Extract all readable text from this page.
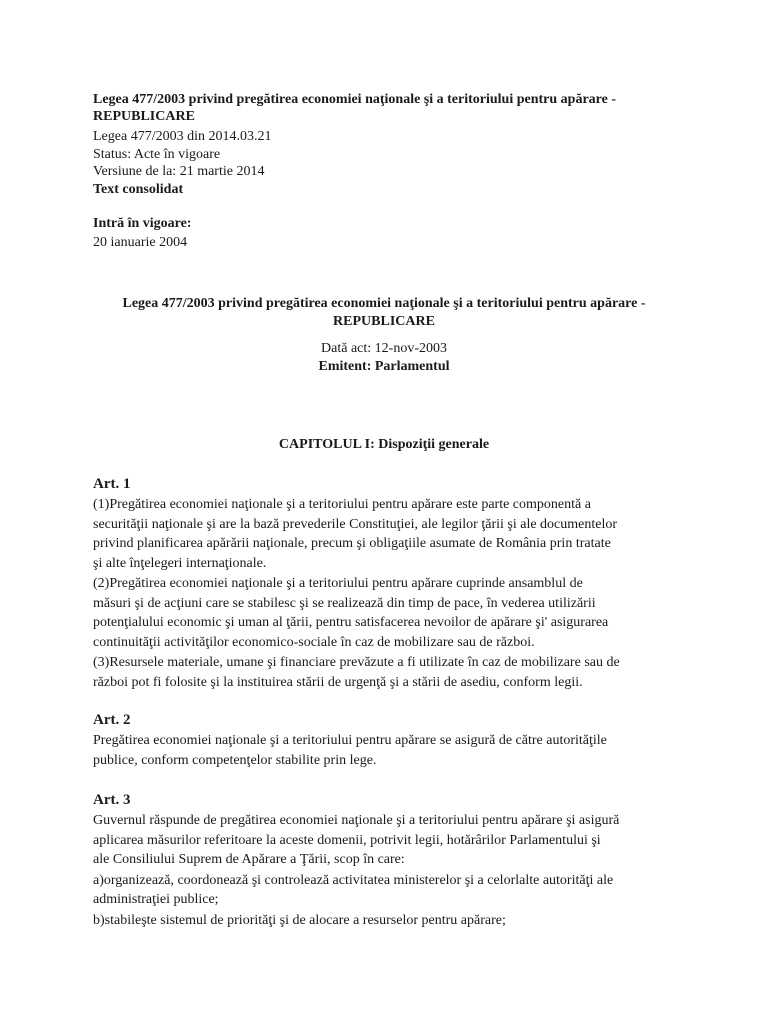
Legea 477/2003 privind pregătirea economiei naţionale şi a teritoriului pentru apărare - REPUBLICARE

Legea 477/2003 din 2014.03.21
Status: Acte în vigoare
Versiune de la: 21 martie 2014
Text consolidat
Intră în vigoare:
20 ianuarie 2004
Legea 477/2003 privind pregătirea economiei naţionale şi a teritoriului pentru apărare -
REPUBLICARE
Dată act: 12-nov-2003
Emitent: Parlamentul
CAPITOLUL I: Dispoziţii generale

Art. 1

(1)Pregătirea economiei naţionale şi a teritoriului pentru apărare este parte componentă a
securităţii naţionale şi are la bază prevederile Constituţiei, ale legilor ţării şi ale documentelor
privind planificarea apărării naţionale, precum şi obligaţiile asumate de România prin tratate
şi alte înţelegeri internaţionale.

(2)Pregătirea economiei naţionale şi a teritoriului pentru apărare cuprinde ansamblul de
măsuri şi de acţiuni care se stabilesc şi se realizează din timp de pace, în vederea utilizării
potenţialului economic şi uman al ţării, pentru satisfacerea nevoilor de apărare şi' asigurarea
continuităţii activităţilor economico-sociale în caz de mobilizare sau de război.

(3)Resursele materiale, umane şi financiare prevăzute a fi utilizate în caz de mobilizare sau de
război pot fi folosite şi la instituirea stării de urgenţă şi a stării de asediu, conform legii.

Art. 2

Pregătirea economiei naţionale şi a teritoriului pentru apărare se asigură de către autorităţile
publice, conform competenţelor stabilite prin lege.

Art. 3

Guvernul răspunde de pregătirea economiei naţionale şi a teritoriului pentru apărare şi asigură
aplicarea măsurilor referitoare la aceste domenii, potrivit legii, hotărârilor Parlamentului şi
ale Consiliului Suprem de Apărare a Ţării, scop în care:

a)organizează, coordonează şi controlează activitatea ministerelor şi a celorlalte autorităţi ale
administraţiei publice;

b)stabileşte sistemul de priorităţi şi de alocare a resurselor pentru apărare;
